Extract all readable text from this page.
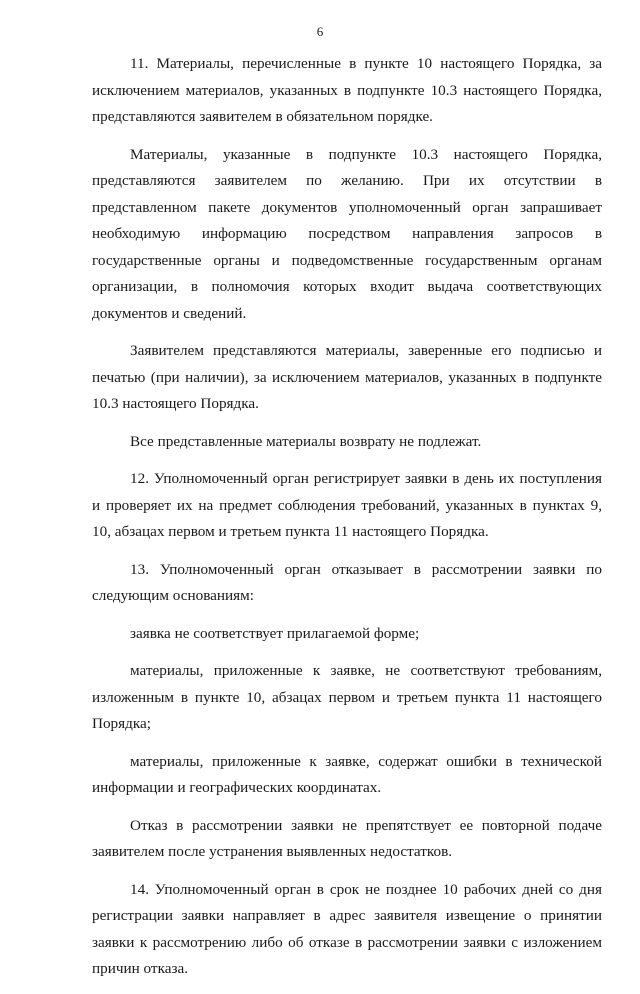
6

11. Материалы, перечисленные в пункте 10 настоящего Порядка, за исключением материалов, указанных в подпункте 10.3 настоящего Порядка, представляются заявителем в обязательном порядке.

Материалы, указанные в подпункте 10.3 настоящего Порядка, представляются заявителем по желанию. При их отсутствии в представленном пакете документов уполномоченный орган запрашивает необходимую информацию посредством направления запросов в государственные органы и подведомственные государственным органам организации, в полномочия которых входит выдача соответствующих документов и сведений.

Заявителем представляются материалы, заверенные его подписью и печатью (при наличии), за исключением материалов, указанных в подпункте 10.3 настоящего Порядка.

Все представленные материалы возврату не подлежат.

12. Уполномоченный орган регистрирует заявки в день их поступления и проверяет их на предмет соблюдения требований, указанных в пунктах 9, 10, абзацах первом и третьем пункта 11 настоящего Порядка.

13. Уполномоченный орган отказывает в рассмотрении заявки по следующим основаниям:

заявка не соответствует прилагаемой форме;

материалы, приложенные к заявке, не соответствуют требованиям, изложенным в пункте 10, абзацах первом и третьем пункта 11 настоящего Порядка;

материалы, приложенные к заявке, содержат ошибки в технической информации и географических координатах.

Отказ в рассмотрении заявки не препятствует ее повторной подаче заявителем после устранения выявленных недостатков.

14. Уполномоченный орган в срок не позднее 10 рабочих дней со дня регистрации заявки направляет в адрес заявителя извещение о принятии заявки к рассмотрению либо об отказе в рассмотрении заявки с изложением причин отказа.
